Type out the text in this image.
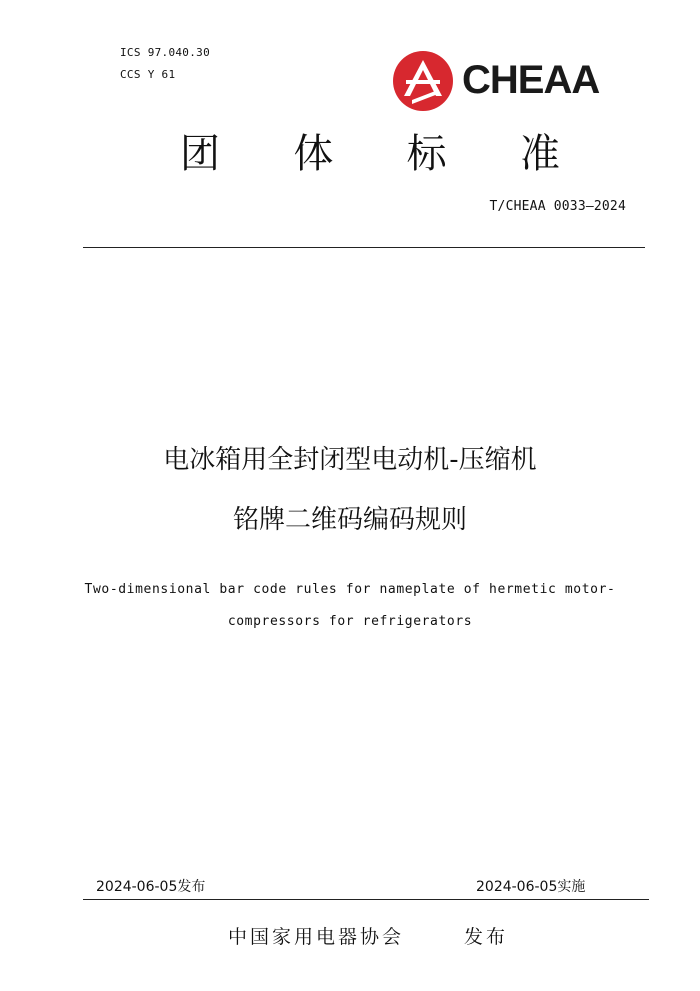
ICS 97.040.30
CCS Y 61	CHEAA
团 体 标 准
T/CHEAA 0033—2024
电冰箱用全封闭型电动机-压缩机
铭牌二维码编码规则
Two-dimensional bar code rules for nameplate of hermetic motor-
compressors for refrigerators
2024-06-05发布	2024-06-05实施
中国家用电器协会	发布
